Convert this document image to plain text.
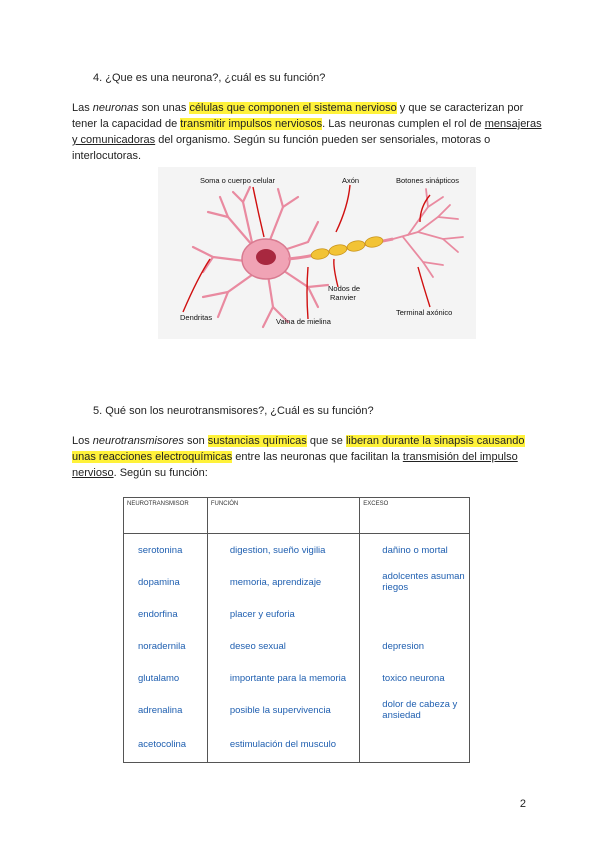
4. ¿Que es una neurona?, ¿cuál es su función?
Las neuronas son unas células que componen el sistema nervioso y que se caracterizan por tener la capacidad de transmitir impulsos nerviosos. Las neuronas cumplen el rol de mensajeras y comunicadoras del organismo. Según su función pueden ser sensoriales, motoras o interlocutoras.
Soma o cuerpo celular	Axón	Botones sinápticos
Nodos de
Ranvier
Dendritas	Vaina de mielina
Terminal axónico
5. Qué son los neurotransmisores?, ¿Cuál es su función?
Los neurotransmisores son sustancias químicas que se liberan durante la sinapsis causando unas reacciones electroquímicas entre las neuronas que facilitan la transmisión del impulso nervioso. Según su función:
NEUROTRANSMISOR	FUNCIÓN	EXCESO
serotonina	digestion, sueño vigilia	dañino o mortal
dopamina	memoria, aprendizaje	adolcentes asuman riegos
endorfina	placer y euforia	
noradernila	deseo sexual	depresion
glutalamo	importante para la memoria	toxico neurona
adrenalina	posible la supervivencia	dolor de cabeza y ansiedad
acetocolina	estimulación del musculo	
2
